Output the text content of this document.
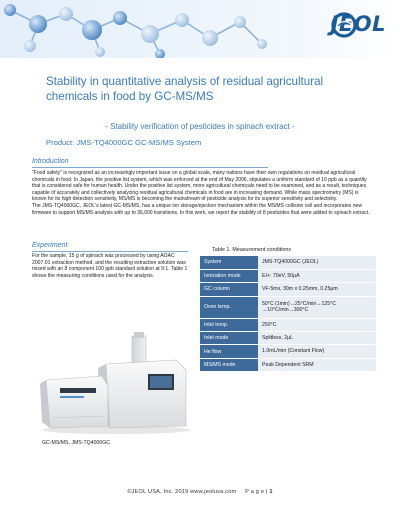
JEOL
Stability in quantitative analysis of residual agricultural chemicals in food by GC-MS/MS
- Stability verification of pesticides in spinach extract -
Product: JMS-TQ4000GC GC-MS/MS System
Introduction

"Food safety" is recognized as an increasingly important issue on a global scale, many nations have their own regulations on residual agricultural chemicals in food. In Japan, the positive list system, which was enforced at the end of May 2006, stipulates a uniform standard of 10 ppb as a quantity that is considered safe for human health. Under the positive list system, more agricultural chemicals need to be examined, and as a result, techniques capable of accurately and collectively analyzing residual agricultural chemicals in food are in increasing demand. While mass spectrometry (MS) is known for its high detection sensitivity, MS/MS is becoming the mainstream of pesticide analysis for its superior sensitivity and selectivity.

The JMS-TQ4000GC, JEOL's latest GC-MS/MS, has a unique ion storage/ejection mechanism within the MS/MS collision cell and incorporates new firmware to support MS/MS analysis with up to 36,000 transitions. In this work, we report the stability of 8 pesticides that were added to spinach extract.

Experiment
For the sample, 15 g of spinach was processed by using AOAC 2007.01 extraction method, and the resulting extraction solution was mixed with an 8 component 100 ppb standard solution at 9:1. Table 1 shows the measuring conditions used for the analysis.
GC-MS/MS, JMS-TQ4000GC
Table 1. Measurement conditions
System	JMS-TQ4000GC (JEOL)
Ionization mode	EI+: 70eV, 50μA
GC column	VF-5ms, 30m x 0.25mm, 0.25μm
Oven temp.	50°C (1min)→25°C/min→125°C →10°C/min→300°C
Inlet temp.	250°C
Inlet mode	Splitless, 2μL
He flow	1.0mL/min (Constant Flow)
MS/MS mode	Peak Dependent SRM
©JEOL USA, Inc. 2019 www.jeolusa.com P a g e | 1
